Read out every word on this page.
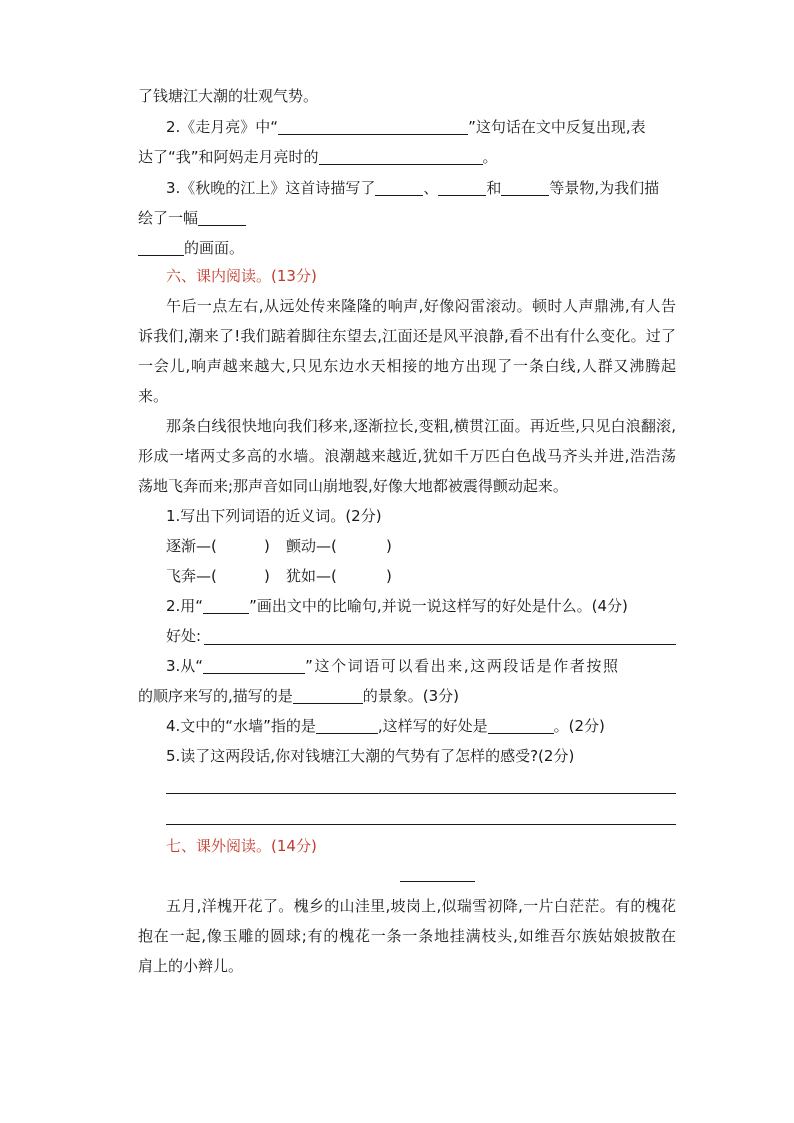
了钱塘江大潮的壮观气势。
2.《走月亮》中“	”这句话在文中反复出现,表
达了“我”和阿妈走月亮时的	。
3.《秋晚的江上》这首诗描写了	、	和	等景物,为我们描
绘了一幅
的画面。
六、课内阅读。(13分)
午后一点左右,从远处传来隆隆的响声,好像闷雷滚动。顿时人声鼎沸,有人告
诉我们,潮来了!我们踮着脚往东望去,江面还是风平浪静,看不出有什么变化。过了
一会儿,响声越来越大,只见东边水天相接的地方出现了一条白线,人群又沸腾起
来。
那条白线很快地向我们移来,逐渐拉长,变粗,横贯江面。再近些,只见白浪翻滚,
形成一堵两丈多高的水墙。浪潮越来越近,犹如千万匹白色战马齐头并进,浩浩荡
荡地飞奔而来;那声音如同山崩地裂,好像大地都被震得颤动起来。
1.写出下列词语的近义词。(2分)
逐渐—(	) 颤动—(	)
飞奔—(	) 犹如—(	)
2.用“	”画出文中的比喻句,并说一说这样写的好处是什么。(4分)
好处:
3.从“	”这个词语可以看出来,这两段话是作者按照
的顺序来写的,描写的是	的景象。(3分)
4.文中的“水墙”指的是	,这样写的好处是	。(2分)
5.读了这两段话,你对钱塘江大潮的气势有了怎样的感受?(2分)
七、课外阅读。(14分)
五月,洋槐开花了。槐乡的山洼里,坡岗上,似瑞雪初降,一片白茫茫。有的槐花
抱在一起,像玉雕的圆球;有的槐花一条一条地挂满枝头,如维吾尔族姑娘披散在
肩上的小辫儿。
